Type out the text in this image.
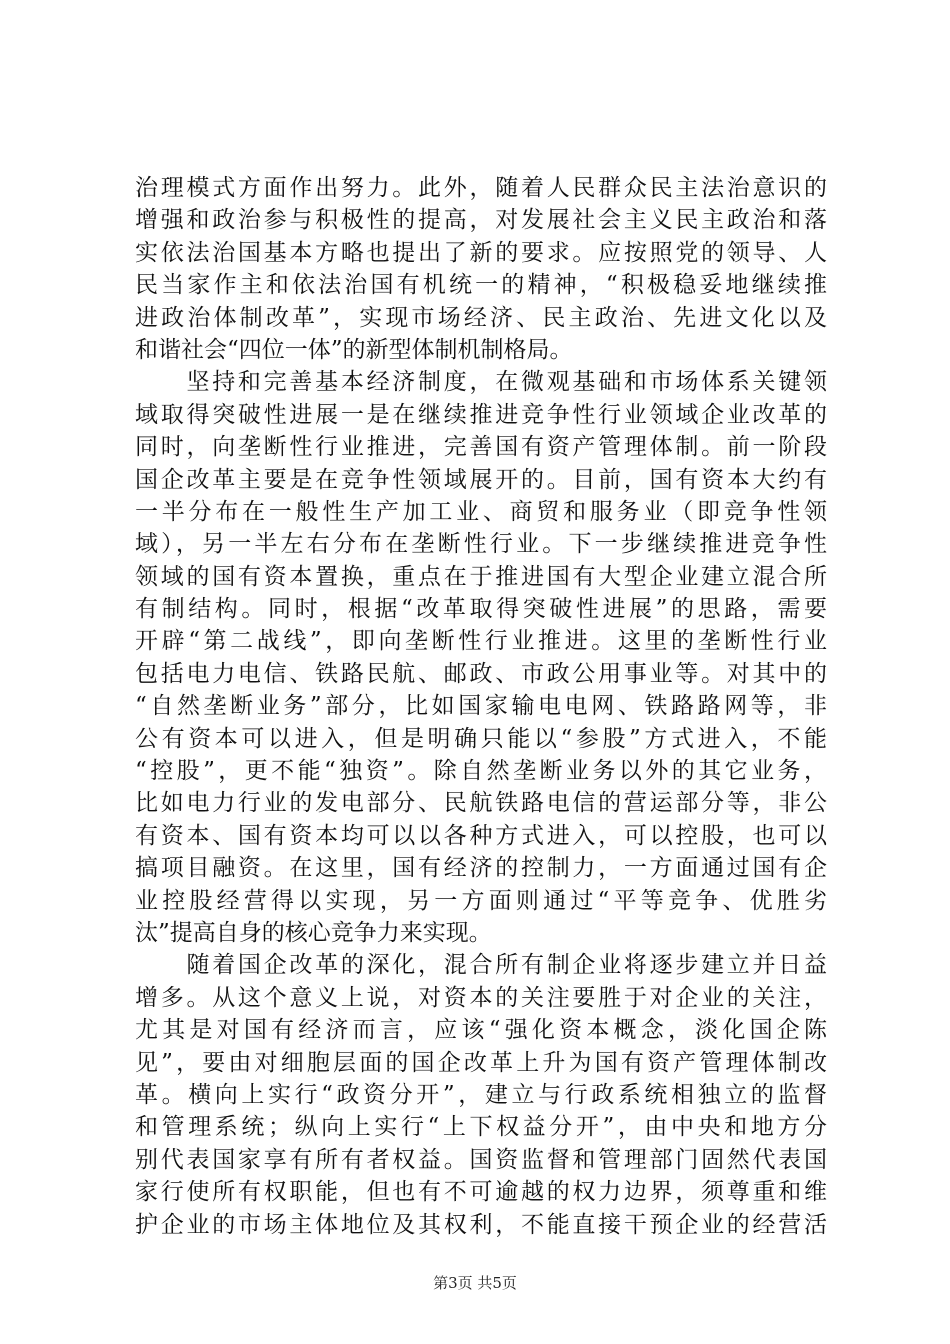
治理模式方面作出努力。此外，随着人民群众民主法治意识的
增强和政治参与积极性的提高，对发展社会主义民主政治和落
实依法治国基本方略也提出了新的要求。应按照党的领导、人
民当家作主和依法治国有机统一的精神，“积极稳妥地继续推
进政治体制改革”，实现市场经济、民主政治、先进文化以及
和谐社会“四位一体”的新型体制机制格局。
　　坚持和完善基本经济制度，在微观基础和市场体系关键领
域取得突破性进展一是在继续推进竞争性行业领域企业改革的
同时，向垄断性行业推进，完善国有资产管理体制。前一阶段
国企改革主要是在竞争性领域展开的。目前，国有资本大约有
一半分布在一般性生产加工业、商贸和服务业（即竞争性领
域），另一半左右分布在垄断性行业。下一步继续推进竞争性
领域的国有资本置换，重点在于推进国有大型企业建立混合所
有制结构。同时，根据“改革取得突破性进展”的思路，需要
开辟“第二战线”，即向垄断性行业推进。这里的垄断性行业
包括电力电信、铁路民航、邮政、市政公用事业等。对其中的
“自然垄断业务”部分，比如国家输电电网、铁路路网等，非
公有资本可以进入，但是明确只能以“参股”方式进入，不能
“控股”，更不能“独资”。除自然垄断业务以外的其它业务，
比如电力行业的发电部分、民航铁路电信的营运部分等，非公
有资本、国有资本均可以以各种方式进入，可以控股，也可以
搞项目融资。在这里，国有经济的控制力，一方面通过国有企
业控股经营得以实现，另一方面则通过“平等竞争、优胜劣
汰”提高自身的核心竞争力来实现。
　　随着国企改革的深化，混合所有制企业将逐步建立并日益
增多。从这个意义上说，对资本的关注要胜于对企业的关注，
尤其是对国有经济而言，应该“强化资本概念，淡化国企陈
见”，要由对细胞层面的国企改革上升为国有资产管理体制改
革。横向上实行“政资分开”，建立与行政系统相独立的监督
和管理系统；纵向上实行“上下权益分开”，由中央和地方分
别代表国家享有所有者权益。国资监督和管理部门固然代表国
家行使所有权职能，但也有不可逾越的权力边界，须尊重和维
护企业的市场主体地位及其权利，不能直接干预企业的经营活
第3页 共5页
